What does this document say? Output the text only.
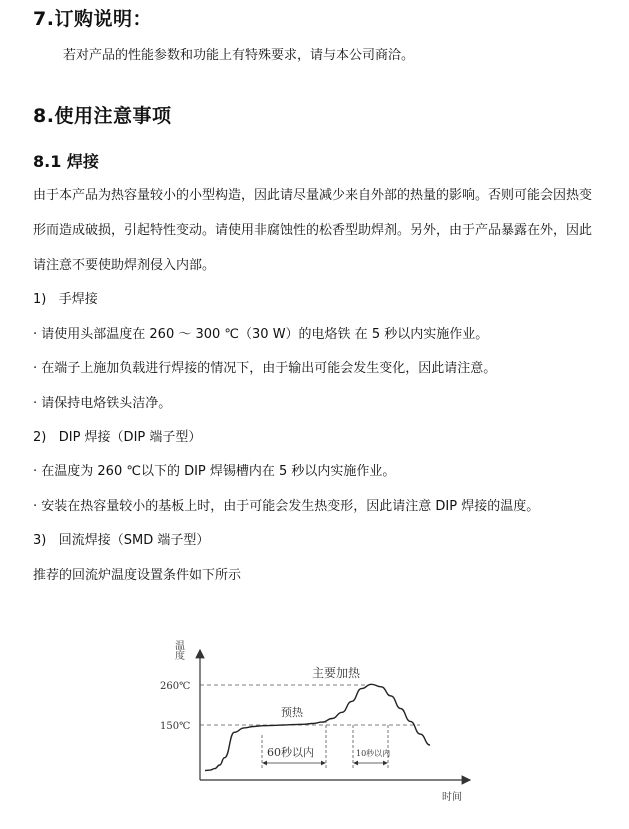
7.订购说明：
若对产品的性能参数和功能上有特殊要求，请与本公司商洽。
8.使用注意事项
8.1 焊接
由于本产品为热容量较小的小型构造，因此请尽量减少来自外部的热量的影响。否则可能会因热变
形而造成破损，引起特性变动。请使用非腐蚀性的松香型助焊剂。另外，由于产品暴露在外，因此
请注意不要使助焊剂侵入内部。
1)   手焊接
· 请使用头部温度在 260 ～ 300 ℃（30 W）的电烙铁 在 5 秒以内实施作业。
· 在端子上施加负载进行焊接的情况下，由于输出可能会发生变化，因此请注意。
· 请保持电烙铁头洁净。
2)   DIP 焊接（DIP 端子型）
· 在温度为 260 ℃以下的 DIP 焊锡槽内在 5 秒以内实施作业。
· 安装在热容量较小的基板上时，由于可能会发生热变形，因此请注意 DIP 焊接的温度。
3)   回流焊接（SMD 端子型）
推荐的回流炉温度设置条件如下所示
温度
时间
260℃
150℃
主要加热
预热
60秒以内	10秒以内
